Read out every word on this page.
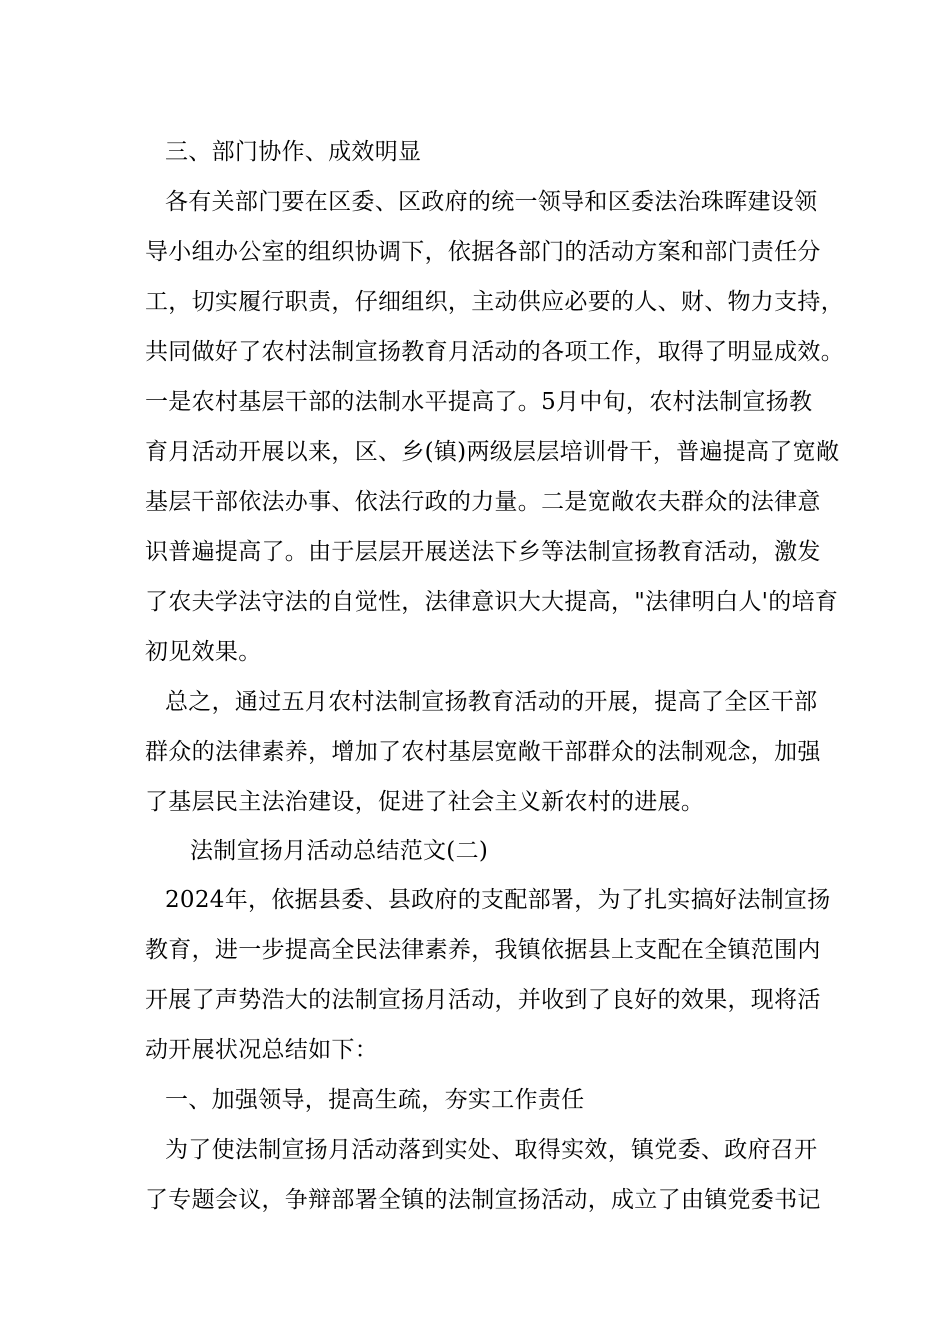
三、部门协作、成效明显
各有关部门要在区委、区政府的统一领导和区委法治珠晖建设领
导小组办公室的组织协调下，依据各部门的活动方案和部门责任分
工，切实履行职责，仔细组织，主动供应必要的人、财、物力支持，
共同做好了农村法制宣扬教育月活动的各项工作，取得了明显成效。
一是农村基层干部的法制水平提高了。5月中旬，农村法制宣扬教
育月活动开展以来，区、乡(镇)两级层层培训骨干，普遍提高了宽敞
基层干部依法办事、依法行政的力量。二是宽敞农夫群众的法律意
识普遍提高了。由于层层开展送法下乡等法制宣扬教育活动，激发
了农夫学法守法的自觉性，法律意识大大提高，"法律明白人'的培育
初见效果。
总之，通过五月农村法制宣扬教育活动的开展，提高了全区干部
群众的法律素养，增加了农村基层宽敞干部群众的法制观念，加强
了基层民主法治建设，促进了社会主义新农村的进展。
法制宣扬月活动总结范文(二)
2024年，依据县委、县政府的支配部署，为了扎实搞好法制宣扬
教育，进一步提高全民法律素养，我镇依据县上支配在全镇范围内
开展了声势浩大的法制宣扬月活动，并收到了良好的效果，现将活
动开展状况总结如下：
一、加强领导，提高生疏，夯实工作责任
为了使法制宣扬月活动落到实处、取得实效，镇党委、政府召开
了专题会议，争辩部署全镇的法制宣扬活动，成立了由镇党委书记
